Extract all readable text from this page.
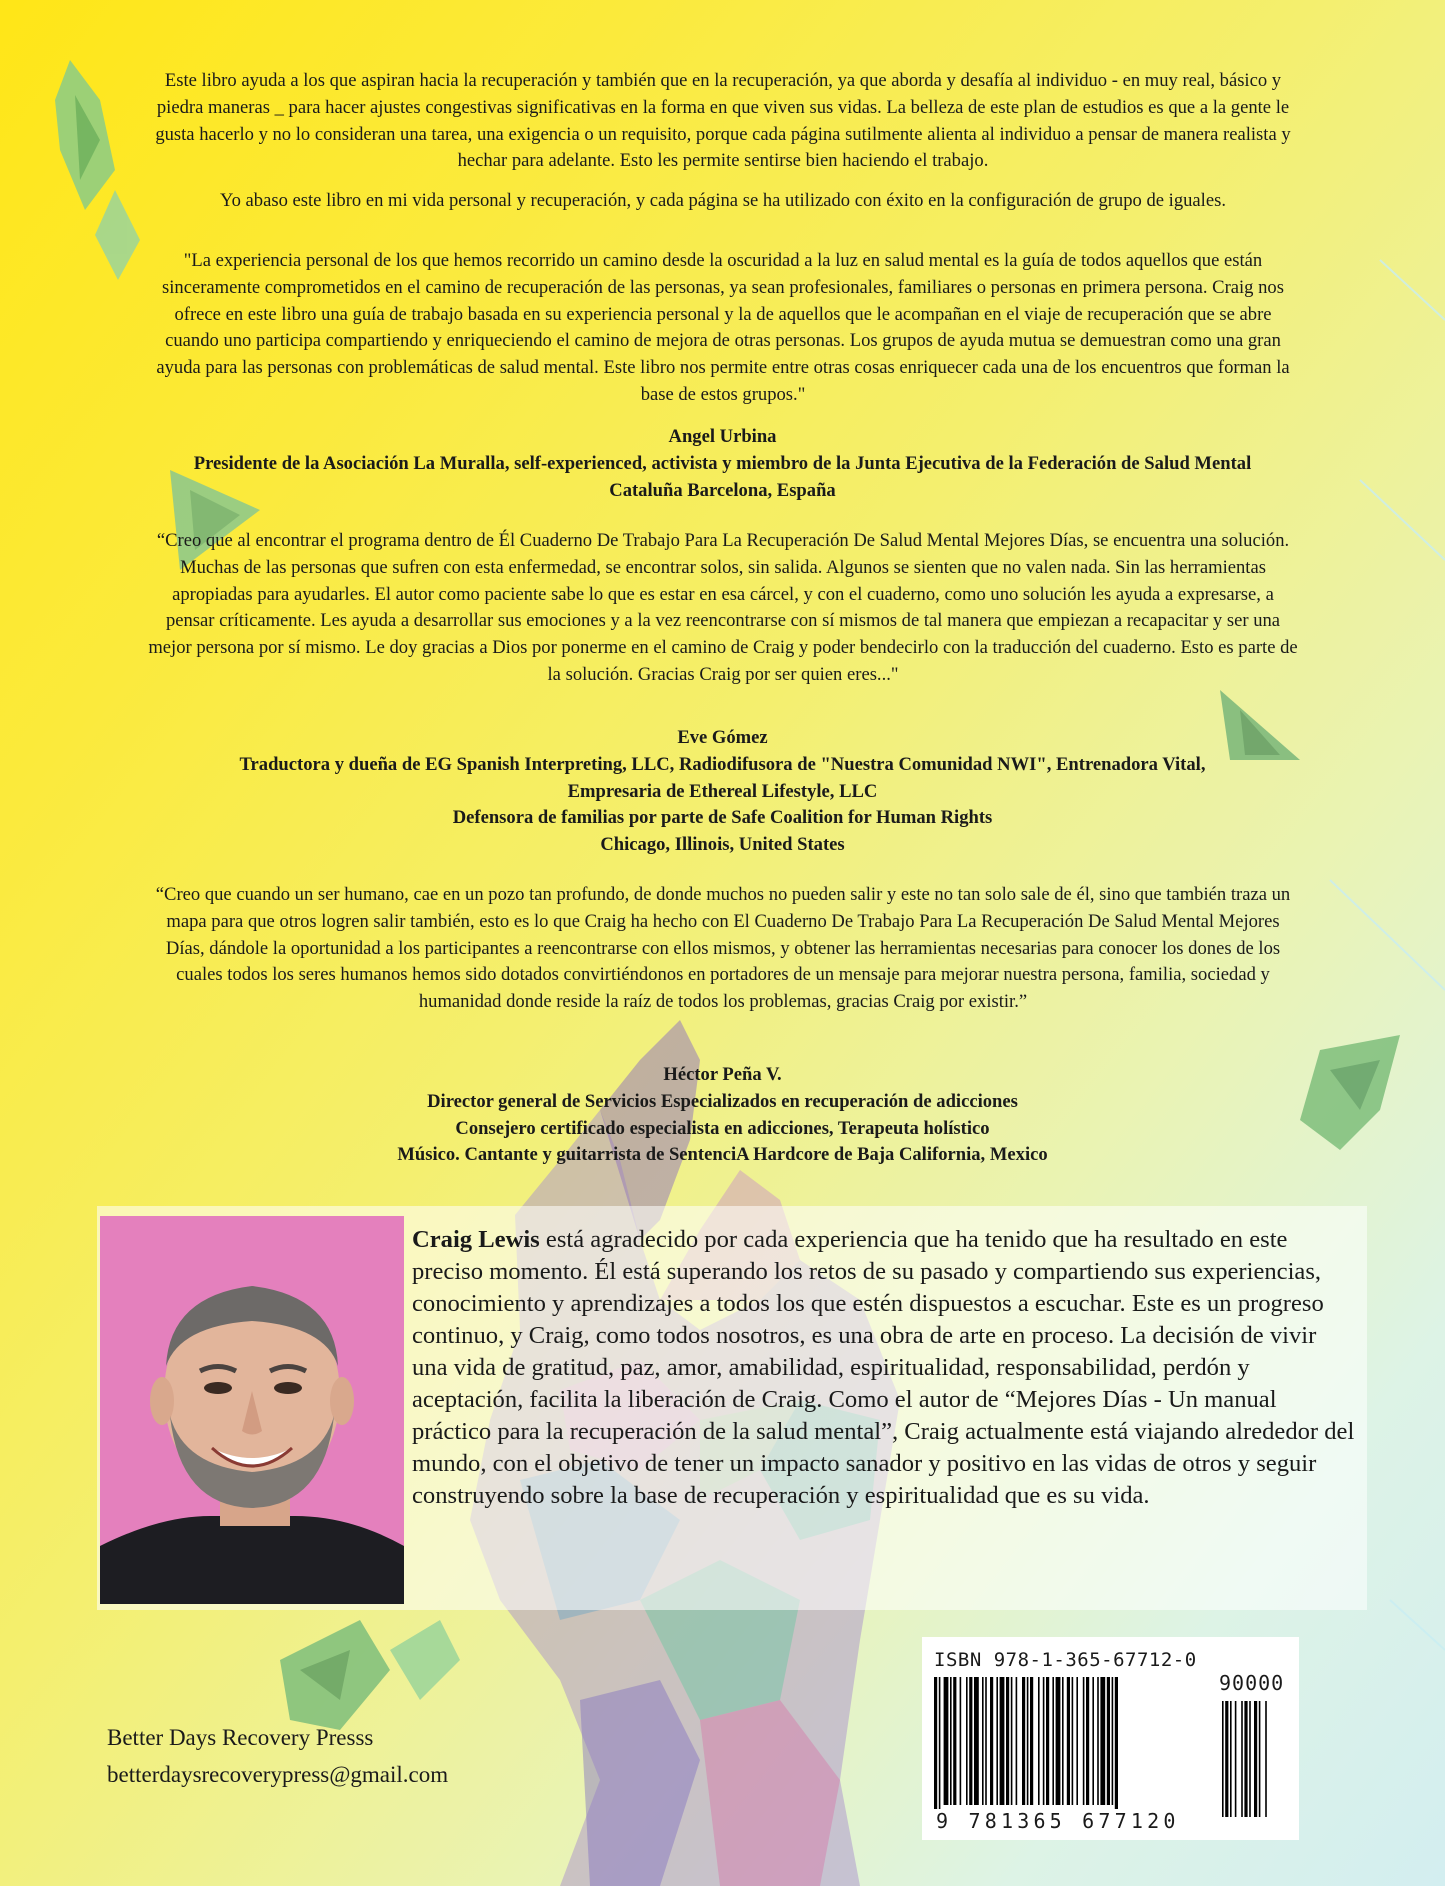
Este libro ayuda a los que aspiran hacia la recuperación y también que en la recuperación, ya que aborda y desafía al individuo - en muy real, básico y piedra maneras _ para hacer ajustes congestivas significativas en la forma en que viven sus vidas. La belleza de este plan de estudios es que a la gente le gusta hacerlo y no lo consideran una tarea, una exigencia o un requisito, porque cada página sutilmente alienta al individuo a pensar de manera realista y hechar para adelante. Esto les permite sentirse bien haciendo el trabajo.

Yo abaso este libro en mi vida personal y recuperación, y cada página se ha utilizado con éxito en la configuración de grupo de iguales.

"La experiencia personal de los que hemos recorrido un camino desde la oscuridad a la luz en salud mental es la guía de todos aquellos que están sinceramente comprometidos en el camino de recuperación de las personas, ya sean profesionales, familiares o personas en primera persona. Craig nos ofrece en este libro una guía de trabajo basada en su experiencia personal y la de aquellos que le acompañan en el viaje de recuperación que se abre cuando uno participa compartiendo y enriqueciendo el camino de mejora de otras personas. Los grupos de ayuda mutua se demuestran como una gran ayuda para las personas con problemáticas de salud mental. Este libro nos permite entre otras cosas enriquecer cada una de los encuentros que forman la base de estos grupos."

Angel Urbina
Presidente de la Asociación La Muralla, self-experienced, activista y miembro de la Junta Ejecutiva de la Federación de Salud Mental Cataluña Barcelona, España

“Creo que al encontrar el programa dentro de Él Cuaderno De Trabajo Para La Recuperación De Salud Mental Mejores Días, se encuentra una solución. Muchas de las personas que sufren con esta enfermedad, se encontrar solos, sin salida. Algunos se sienten que no valen nada. Sin las herramientas apropiadas para ayudarles. El autor como paciente sabe lo que es estar en esa cárcel, y con el cuaderno, como uno solución les ayuda a expresarse, a pensar críticamente. Les ayuda a desarrollar sus emociones y a la vez reencontrarse con sí mismos de tal manera que empiezan a recapacitar y ser una mejor persona por sí mismo. Le doy gracias a Dios por ponerme en el camino de Craig y poder bendecirlo con la traducción del cuaderno. Esto es parte de la solución. Gracias Craig por ser quien eres..."

Eve Gómez
Traductora y dueña de EG Spanish Interpreting, LLC, Radiodifusora de "Nuestra Comunidad NWI", Entrenadora Vital,
Empresaria de Ethereal Lifestyle, LLC
Defensora de familias por parte de Safe Coalition for Human Rights
Chicago, Illinois, United States

“Creo que cuando un ser humano, cae en un pozo tan profundo, de donde muchos no pueden salir y este no tan solo sale de él, sino que también traza un mapa para que otros logren salir también, esto es lo que Craig ha hecho con El Cuaderno De Trabajo Para La Recuperación De Salud Mental Mejores Días, dándole la oportunidad a los participantes a reencontrarse con ellos mismos, y obtener las herramientas necesarias para conocer los dones de los cuales todos los seres humanos hemos sido dotados convirtiéndonos en portadores de un mensaje para mejorar nuestra persona, familia, sociedad y humanidad donde reside la raíz de todos los problemas, gracias Craig por existir.”

Héctor Peña V.
Director general de Servicios Especializados en recuperación de adicciones
Consejero certificado especialista en adicciones, Terapeuta holístico
Músico. Cantante y guitarrista de SentenciA Hardcore de Baja California, Mexico

Craig Lewis está agradecido por cada experiencia que ha tenido que ha resultado en este preciso momento. Él está superando los retos de su pasado y compartiendo sus experiencias, conocimiento y aprendizajes a todos los que estén dispuestos a escuchar. Este es un progreso continuo, y Craig, como todos nosotros, es una obra de arte en proceso. La decisión de vivir una vida de gratitud, paz, amor, amabilidad, espiritualidad, responsabilidad, perdón y aceptación, facilita la liberación de Craig. Como el autor de “Mejores Días - Un manual práctico para la recuperación de la salud mental”, Craig actualmente está viajando alrededor del mundo, con el objetivo de tener un impacto sanador y positivo en las vidas de otros y seguir construyendo sobre la base de recuperación y espiritualidad que es su vida.

Better Days Recovery Presss
betterdaysrecoverypress@gmail.com
ISBN 978-1-365-67712-0
9 781365 677120
90000
